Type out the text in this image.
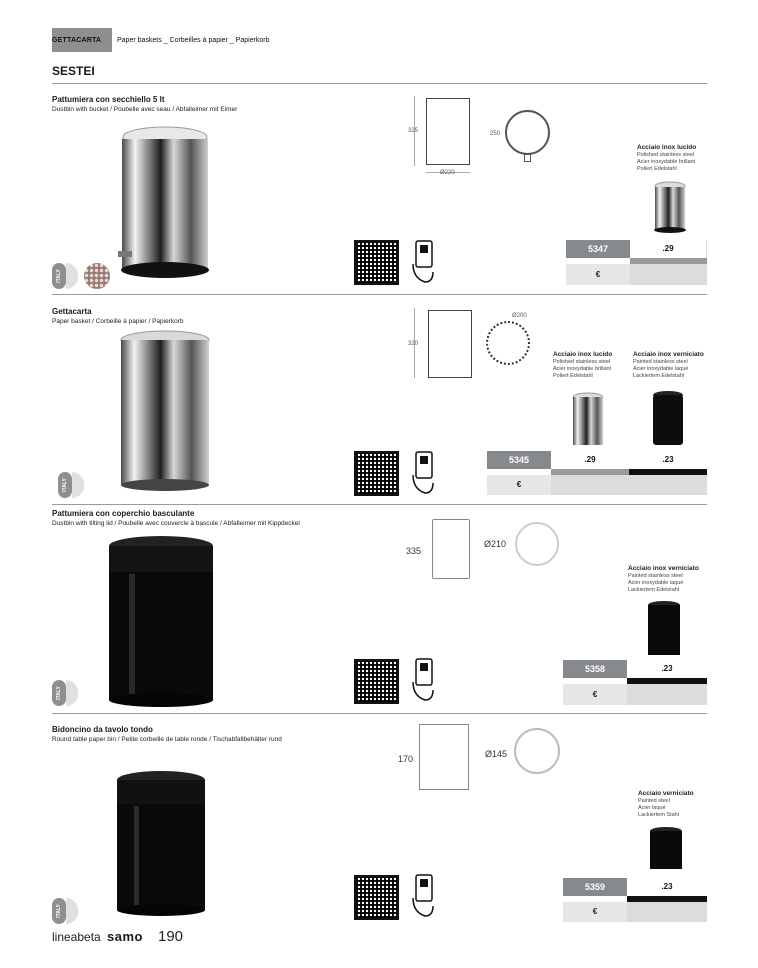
GETTACARTA Paper baskets _ Corbeilles à papier _ Papierkorb
SESTEI
Pattumiera con secchiello 5 lt
Dustbin with bucket / Poubelle avec seau / Abfalleimer mit Eimer
325
Ø220
250
Acciaio inox lucido
Polished stainless steel
Acier inoxydable brillant
Poliert Edelstahl
5347
€
.29
ITALY
Gettacarta
Paper basket / Corbeille à papier / Papierkorb
320
Ø200
Acciaio inox lucido
Polished stainless steel
Acier inoxydable brillant
Poliert Edelstahl
Acciaio inox verniciato
Painted stainless steel
Acier inoxydable laqué
Lackiertem Edelstahl
5345
€
.29	.23
ITALY
Pattumiera con coperchio basculante
Dustbin with tilting lid / Poubelle avec couvercle à bascule / Abfalleimer mit Kippdeckel
335
Ø210
Acciaio inox verniciato
Painted stainless steel
Acier inoxydable laqué
Lackiertem Edelstahl
5358
€
.23
ITALY
Bidoncino da tavolo tondo
Round table paper bin / Petite corbeille de table ronde / Tischabfallbehälter rund
170	Ø145
Acciaio verniciato
Painted steel
Acier laqué
Lackiertem Stahl
5359
€
.23
ITALY
lineabeta samo 190
